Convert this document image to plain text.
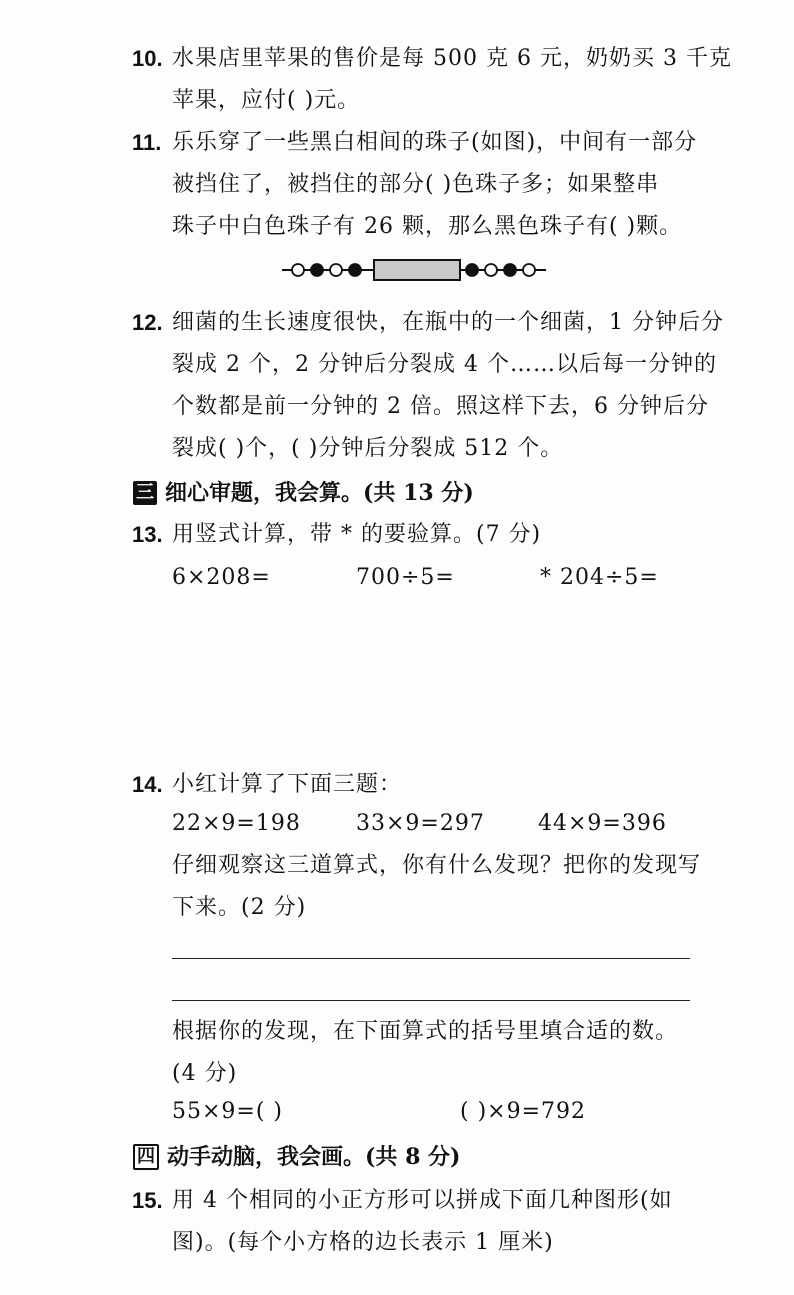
10. 水果店里苹果的售价是每 500 克 6 元，奶奶买 3 千克
苹果，应付( )元。
11. 乐乐穿了一些黑白相间的珠子(如图)，中间有一部分
被挡住了，被挡住的部分( )色珠子多；如果整串
珠子中白色珠子有 26 颗，那么黑色珠子有( )颗。
12. 细菌的生长速度很快，在瓶中的一个细菌，1 分钟后分
裂成 2 个，2 分钟后分裂成 4 个……以后每一分钟的
个数都是前一分钟的 2 倍。照这样下去，6 分钟后分
裂成( )个，( )分钟后分裂成 512 个。
三 细心审题，我会算。(共 13 分)
13. 用竖式计算，带 * 的要验算。(7 分)
6×208=	700÷5=	* 204÷5=
14. 小红计算了下面三题：
22×9=198	33×9=297 44×9=396
仔细观察这三道算式，你有什么发现？把你的发现写
下来。(2 分)
根据你的发现，在下面算式的括号里填合适的数。
(4 分)
55×9=( )	( )×9=792
四 动手动脑，我会画。(共 8 分)
15. 用 4 个相同的小正方形可以拼成下面几种图形(如
图)。(每个小方格的边长表示 1 厘米)
